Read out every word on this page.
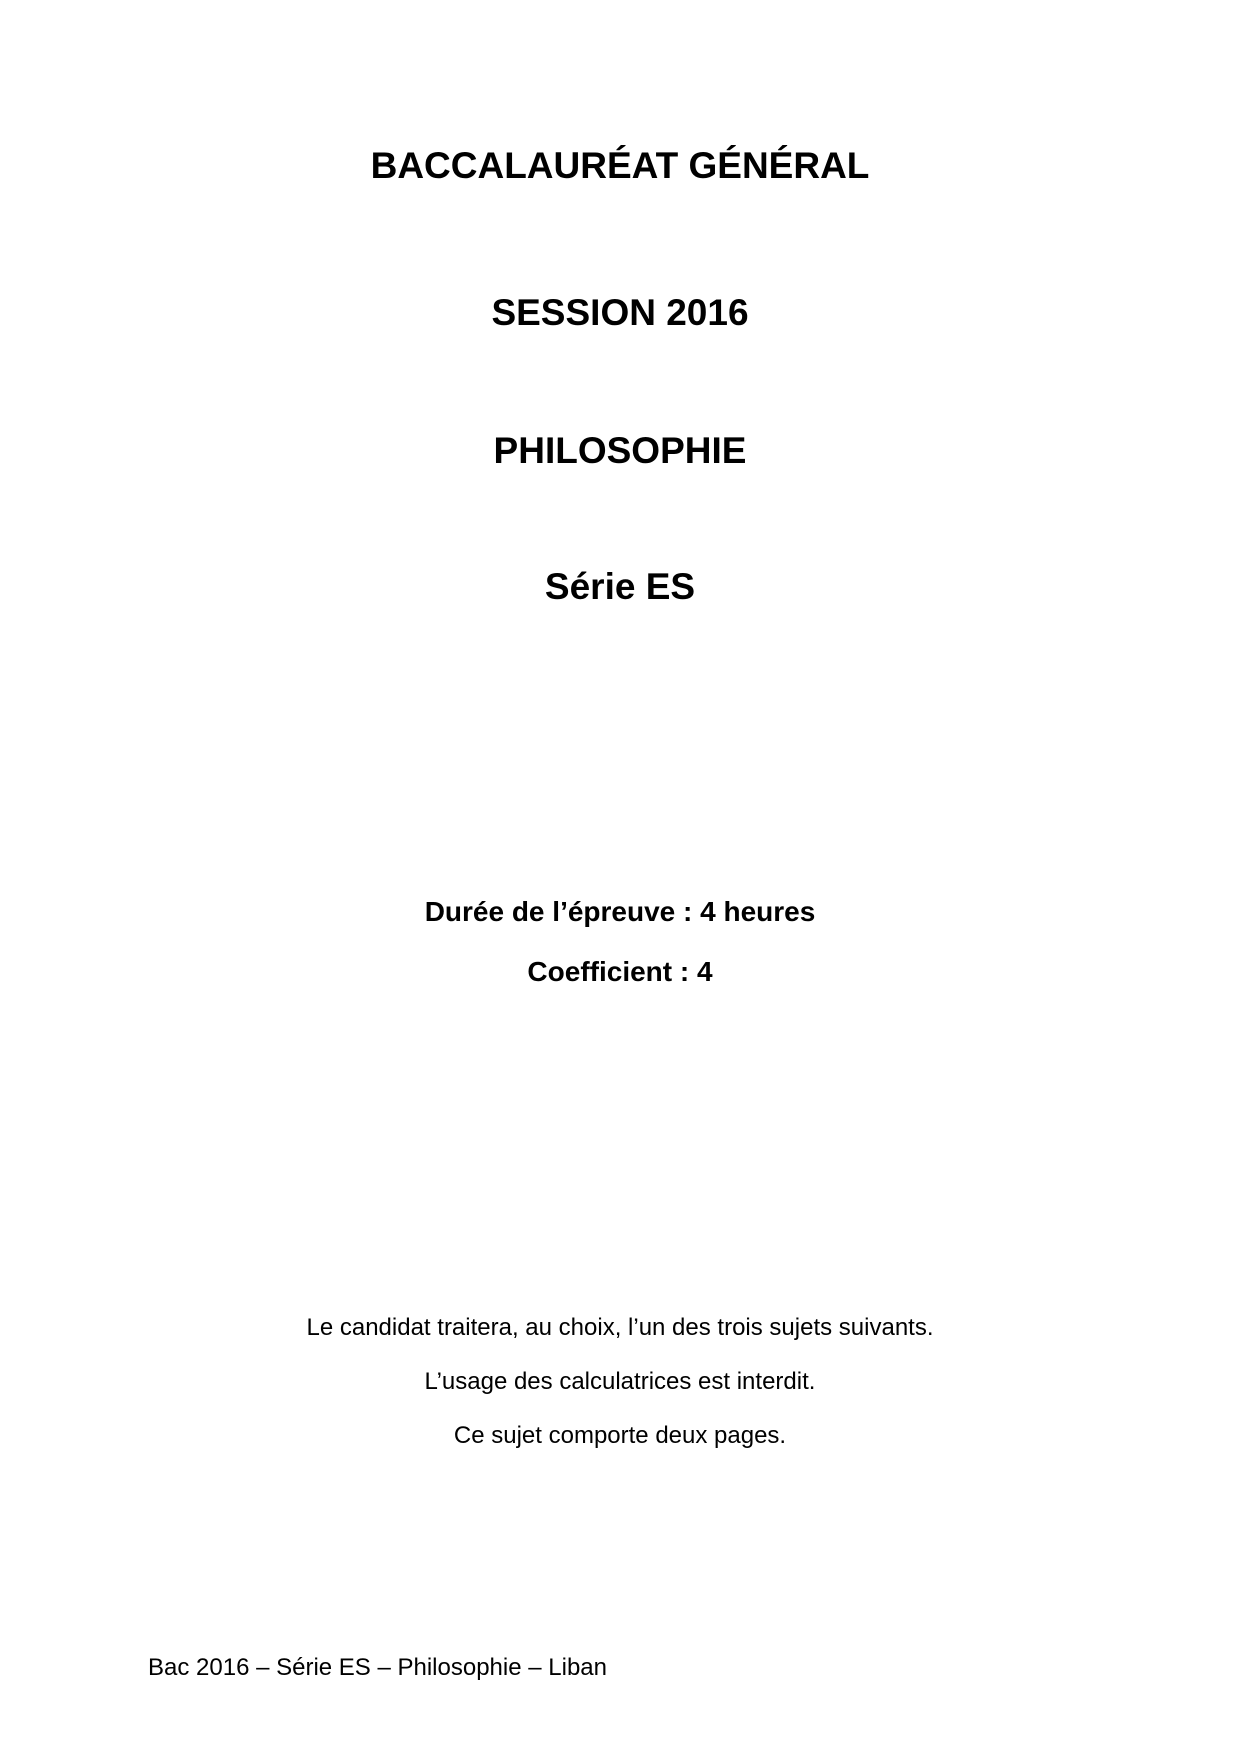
BACCALAURÉAT GÉNÉRAL
SESSION 2016
PHILOSOPHIE
Série ES
Durée de l’épreuve : 4 heures
Coefficient : 4
Le candidat traitera, au choix, l’un des trois sujets suivants.
L’usage des calculatrices est interdit.
Ce sujet comporte deux pages.
Bac 2016 – Série ES – Philosophie – Liban
